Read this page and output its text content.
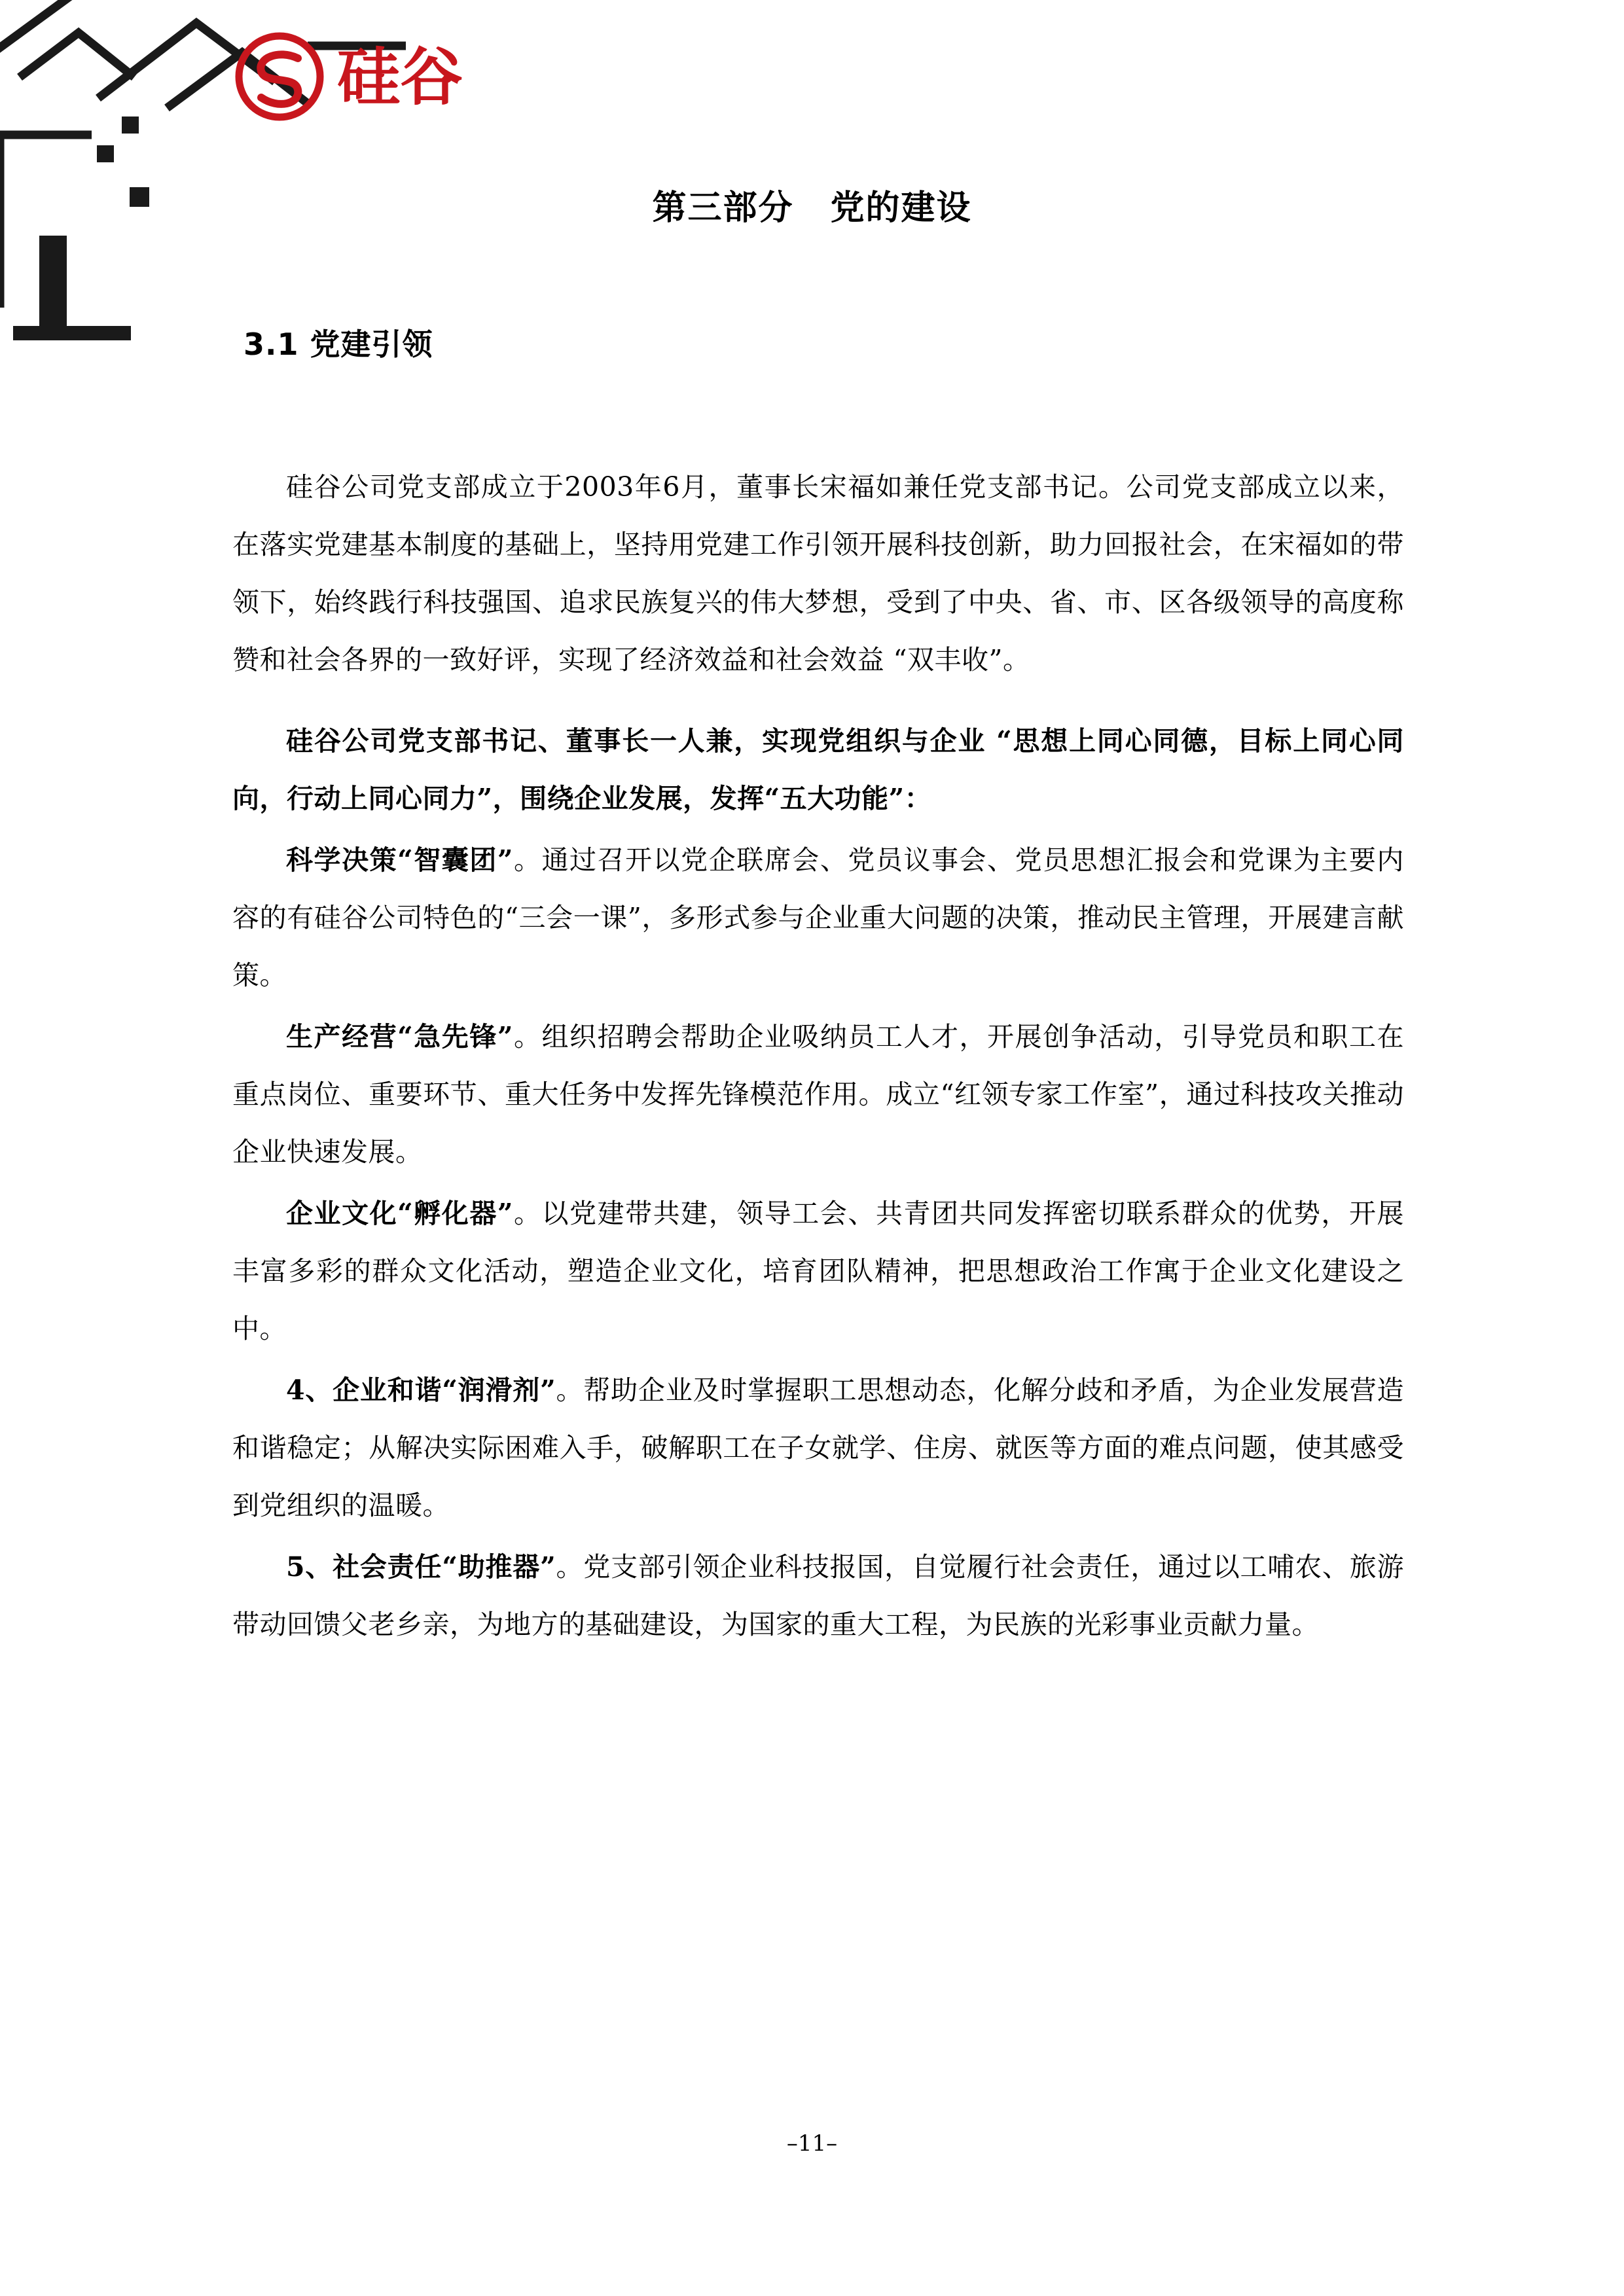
硅谷
第三部分 党的建设
3.1 党建引领

硅谷公司党支部成立于2003年6月，董事长宋福如兼任党支部书记。公司党支部成立以来，在落实党建基本制度的基础上，坚持用党建工作引领开展科技创新，助力回报社会，在宋福如的带领下，始终践行科技强国、追求民族复兴的伟大梦想，受到了中央、省、市、区各级领导的高度称赞和社会各界的一致好评，实现了经济效益和社会效益 “双丰收”。

硅谷公司党支部书记、董事长一人兼，实现党组织与企业 “思想上同心同德，目标上同心同向，行动上同心同力”，围绕企业发展，发挥“五大功能”：

科学决策“智囊团”。通过召开以党企联席会、党员议事会、党员思想汇报会和党课为主要内容的有硅谷公司特色的“三会一课”，多形式参与企业重大问题的决策，推动民主管理，开展建言献策。

生产经营“急先锋”。组织招聘会帮助企业吸纳员工人才，开展创争活动，引导党员和职工在重点岗位、重要环节、重大任务中发挥先锋模范作用。成立“红领专家工作室”，通过科技攻关推动企业快速发展。

企业文化“孵化器”。以党建带共建，领导工会、共青团共同发挥密切联系群众的优势，开展丰富多彩的群众文化活动，塑造企业文化，培育团队精神，把思想政治工作寓于企业文化建设之中。

4、企业和谐“润滑剂”。帮助企业及时掌握职工思想动态，化解分歧和矛盾，为企业发展营造和谐稳定；从解决实际困难入手，破解职工在子女就学、住房、就医等方面的难点问题，使其感受到党组织的温暖。

5、社会责任“助推器”。党支部引领企业科技报国，自觉履行社会责任，通过以工哺农、旅游带动回馈父老乡亲，为地方的基础建设，为国家的重大工程，为民族的光彩事业贡献力量。

–11–
